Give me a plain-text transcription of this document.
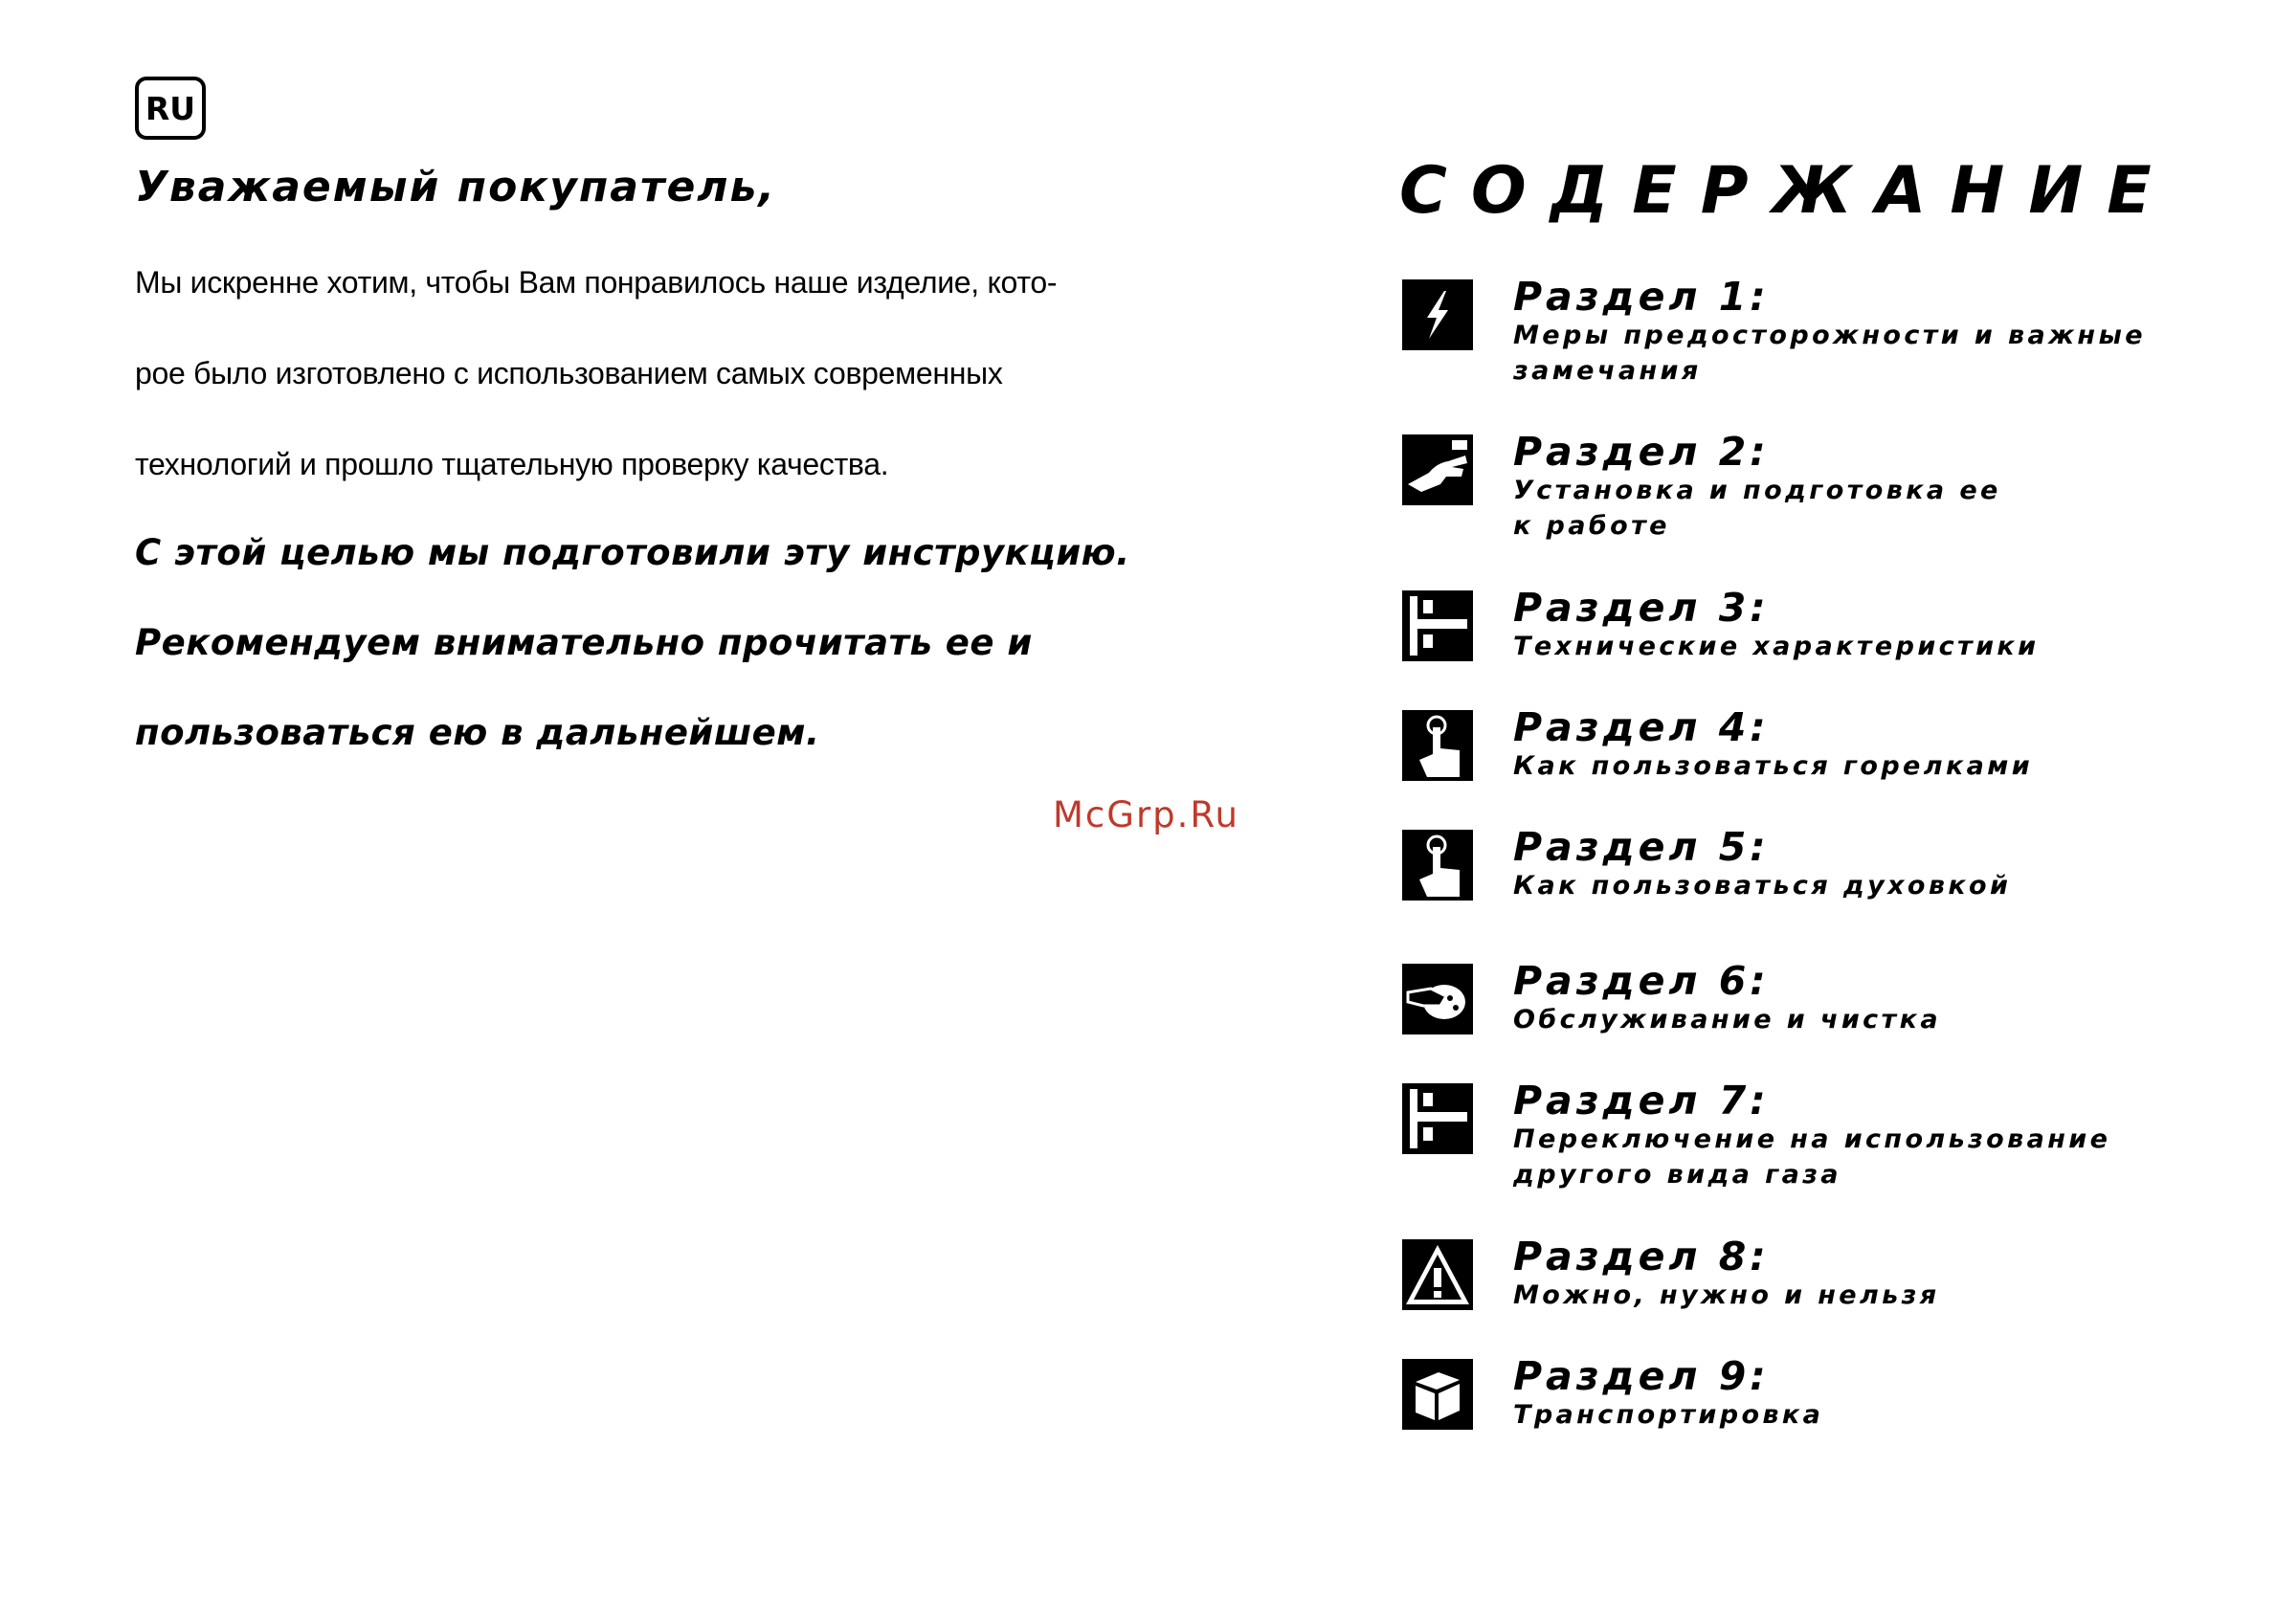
RU
Уважаемый покупатель,

Мы искренне хотим, чтобы Вам понравилось наше изделие, кото-

рое было изготовлено с использованием самых современных

технологий и прошло тщательную проверку качества.

С этой целью мы подготовили эту инструкцию.

Рекомендуем внимательно прочитать ее и

пользоваться ею в дальнейшем.

McGrp.Ru
СОДЕРЖАНИЕ
Раздел 1:
Меры предосторожности и важные
замечания
Раздел 2:
Установка и подготовка ее
к работе
Раздел 3:
Технические характеристики
Раздел 4:
Как пользоваться горелками
Раздел 5:
Как пользоваться духовкой
Раздел 6:
Обслуживание и чистка
Раздел 7:
Переключение на использование
другого вида газа
Раздел 8:
Можно, нужно и нельзя
Раздел 9:
Транспортировка
